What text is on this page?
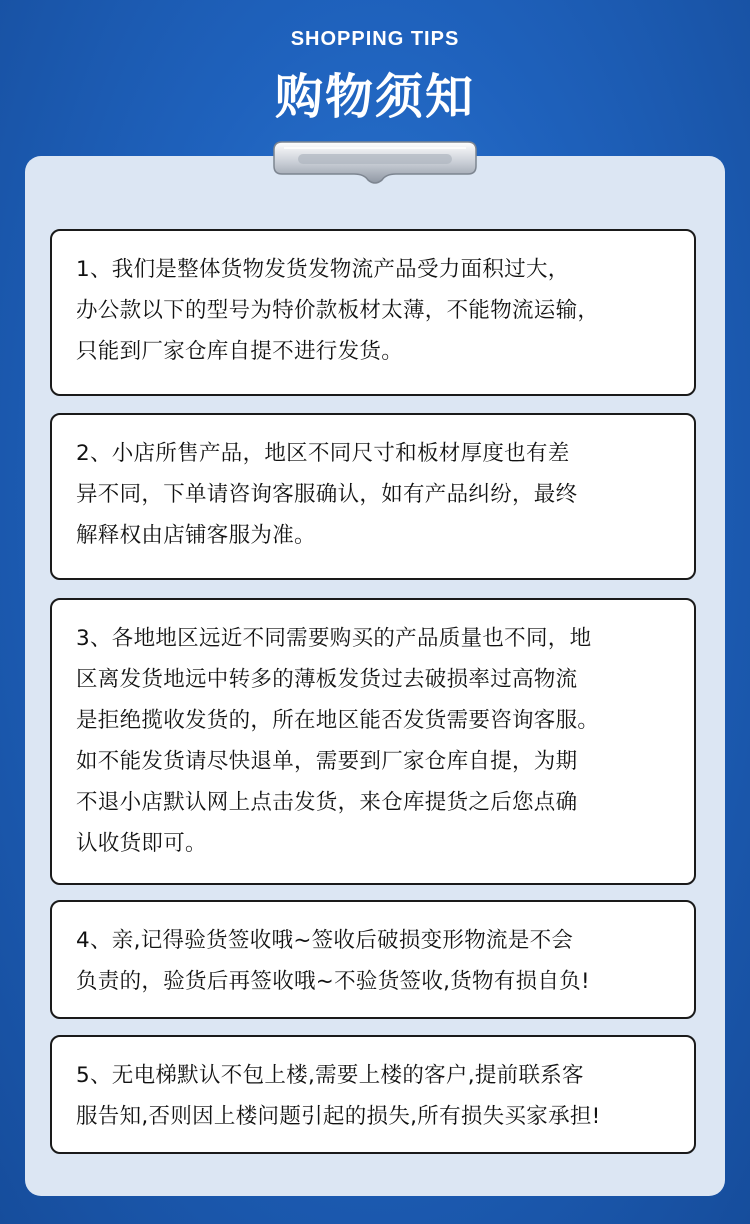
SHOPPING TIPS
购物须知

1、我们是整体货物发货发物流产品受力面积过大，

办公款以下的型号为特价款板材太薄，不能物流运输，

只能到厂家仓库自提不进行发货。

2、小店所售产品，地区不同尺寸和板材厚度也有差

异不同，下单请咨询客服确认，如有产品纠纷，最终

解释权由店铺客服为准。

3、各地地区远近不同需要购买的产品质量也不同，地

区离发货地远中转多的薄板发货过去破损率过高物流

是拒绝揽收发货的，所在地区能否发货需要咨询客服。

如不能发货请尽快退单，需要到厂家仓库自提，为期

不退小店默认网上点击发货，来仓库提货之后您点确

认收货即可。

4、亲,记得验货签收哦~签收后破损变形物流是不会

负责的，验货后再签收哦~不验货签收,货物有损自负!

5、无电梯默认不包上楼,需要上楼的客户,提前联系客

服告知,否则因上楼问题引起的损失,所有损失买家承担!
